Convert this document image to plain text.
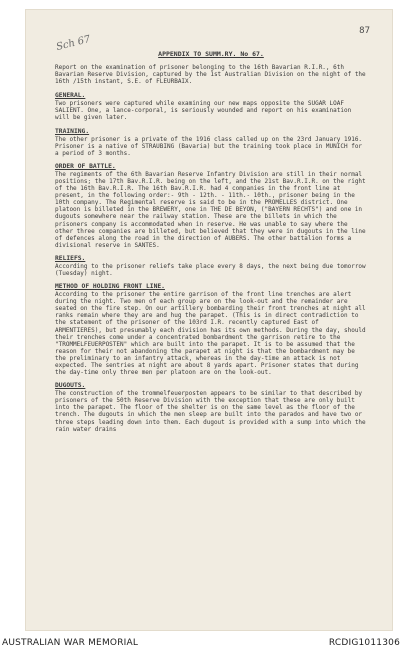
87
Sch 67
APPENDIX TO SUMM.RY. No 67.

Report on the examination of prisoner belonging to the 16th Bavarian R.I.R., 6th Bavarian Reserve Division, captured by the 1st Australian Division on the night of the 16th /15th instant, S.E. of FLEURBAIX.

GENERAL.

Two prisoners were captured while examining our new maps opposite the SUGAR LOAF SALIENT. One, a lance-corporal, is seriously wounded and report on his examination will be given later.

TRAINING.

The other prisoner is a private of the 1916 class called up on the 23rd January 1916. Prisoner is a native of STRAUBING (Bavaria) but the training took place in MUNICH for a period of 3 months.

ORDER OF BATTLE.

The regiments of the 6th Bavarian Reserve Infantry Division are still in their normal positions; the 17th Bav.R.I.R. being on the left, and the 21st Bav.R.I.R. on the right of the 16th Bav.R.I.R. The 16th Bav.R.I.R. had 4 companies in the front line at present, in the following order:- 9th - 12th. - 11th.- 10th., prisoner being in the 10th company. The Regimental reserve is said to be in the PROMELLES district. One platoon is billeted in the BREWERY, one in THE DE BEYON, ("BAYERN RECHTS") and one in dugouts somewhere near the railway station. These are the billets in which the prisoners company is accommodated when in reserve. He was unable to say where the other three companies are billeted, but believed that they were in dugouts in the line of defences along the road in the direction of AUBERS. The other battalion forms a divisional reserve in SANTES.

RELIEFS.

According to the prisoner reliefs take place every 8 days, the next being due tomorrow (Tuesday) night.

METHOD OF HOLDING FRONT LINE.

According to the prisoner the entire garrison of the front line trenches are alert during the night. Two men of each group are on the look-out and the remainder are seated on the fire step. On our artillery bombarding their front trenches at night all ranks remain where they are and hug the parapet. (This is in direct contradiction to the statement of the prisoner of the 103rd I.R. recently captured East of ARMENTIERES), but presumably each division has its own methods. During the day, should their trenches come under a concentrated bombardment the garrison retire to the "TROMMELFEUERPOSTEN" which are built into the parapet. It is to be assumed that the reason for their not abandoning the parapet at night is that the bombardment may be the preliminary to an infantry attack, whereas in the day-time an attack is not expected. The sentries at night are about 8 yards apart. Prisoner states that during the day-time only three men per platoon are on the look-out.

DUGOUTS.

The construction of the trommelfeuerposten appears to be similar to that described by prisoners of the 50th Reserve Division with the exception that these are only built into the parapet. The floor of the shelter is on the same level as the floor of the trench. The dugouts in which the men sleep are built into the parados and have two or three steps leading down into them. Each dugout is provided with a sump into which the rain water drains

AUSTRALIAN WAR MEMORIAL	RCDIG1011306
